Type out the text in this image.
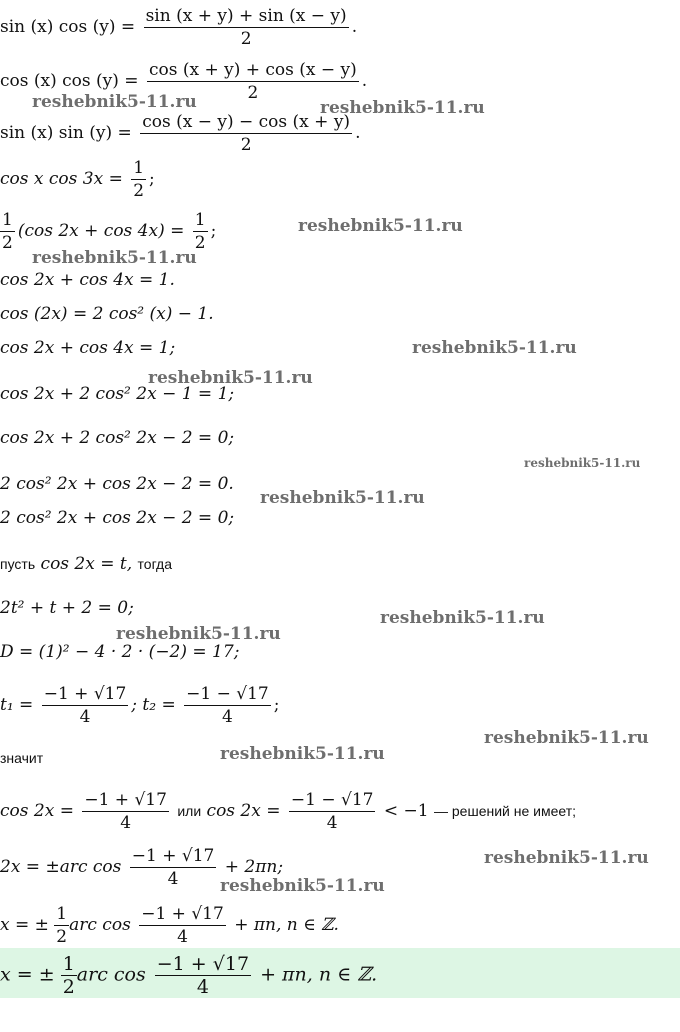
sin (x) $\cos (y) = \frac{\sin (x + y) + \sin (x - y)}{2}$ .
cos (x) $\cos (y) = \frac{\cos (x + y) + \cos (x - y)}{2}$ .
sin (x) $\sin (y) = \frac{\cos (x - y) - \cos (x + y)}{2}$ .
cos x $\cos 3x = \frac{1}{2}$ ;
$\frac{1}{2} (\cos$ $2x + \cos 4x) = \frac{1}{2}$ ;
cos 2x + cos 4x = 1.
cos (2x) = 2 cos² (x) − 1.
cos 2x + cos 4x = 1;
cos 2x + 2 cos² 2x − 1 = 1;
cos 2x + 2 cos² 2x − 2 = 0;
2 cos² 2x + cos 2x − 2 = 0.
2 cos² 2x + cos 2x − 2 = 0;
пусть cos 2x = t, тогда
2t² + t + 2 = 0;
D = (1)² − 4 · 2 · (−2) = 17;
$t_1 = \frac{-1 + √17}{4}$ ; $t_2 = \frac{-1 - √17}{4}$ ;
значит
$\cos 2x = \frac{-1 + √17}{4}$ или $\cos 2x = \frac{-1 - √17}{4} < -1$ — решений не имеет;
2x = ±arc $\cos \frac{-1 + √17}{4} + 2\pi n$;
x = ± $\frac{1}{2}$ arc $\cos \frac{-1 + √17}{4} + \pi n$, n ∈ ℤ.
x = ± $\frac{1}{2}$ arc $\cos \frac{-1 + √17}{4} + \pi n$, n ∈ ℤ.
reshebnik5-11.ru	reshebnik5-11.ru
reshebnik5-11.ru
reshebnik5-11.ru
reshebnik5-11.ru
reshebnik5-11.ru
reshebnik5-11.ru
reshebnik5-11.ru
reshebnik5-11.ru
reshebnik5-11.ru
reshebnik5-11.ru
reshebnik5-11.ru
reshebnik5-11.ru
reshebnik5-11.ru
